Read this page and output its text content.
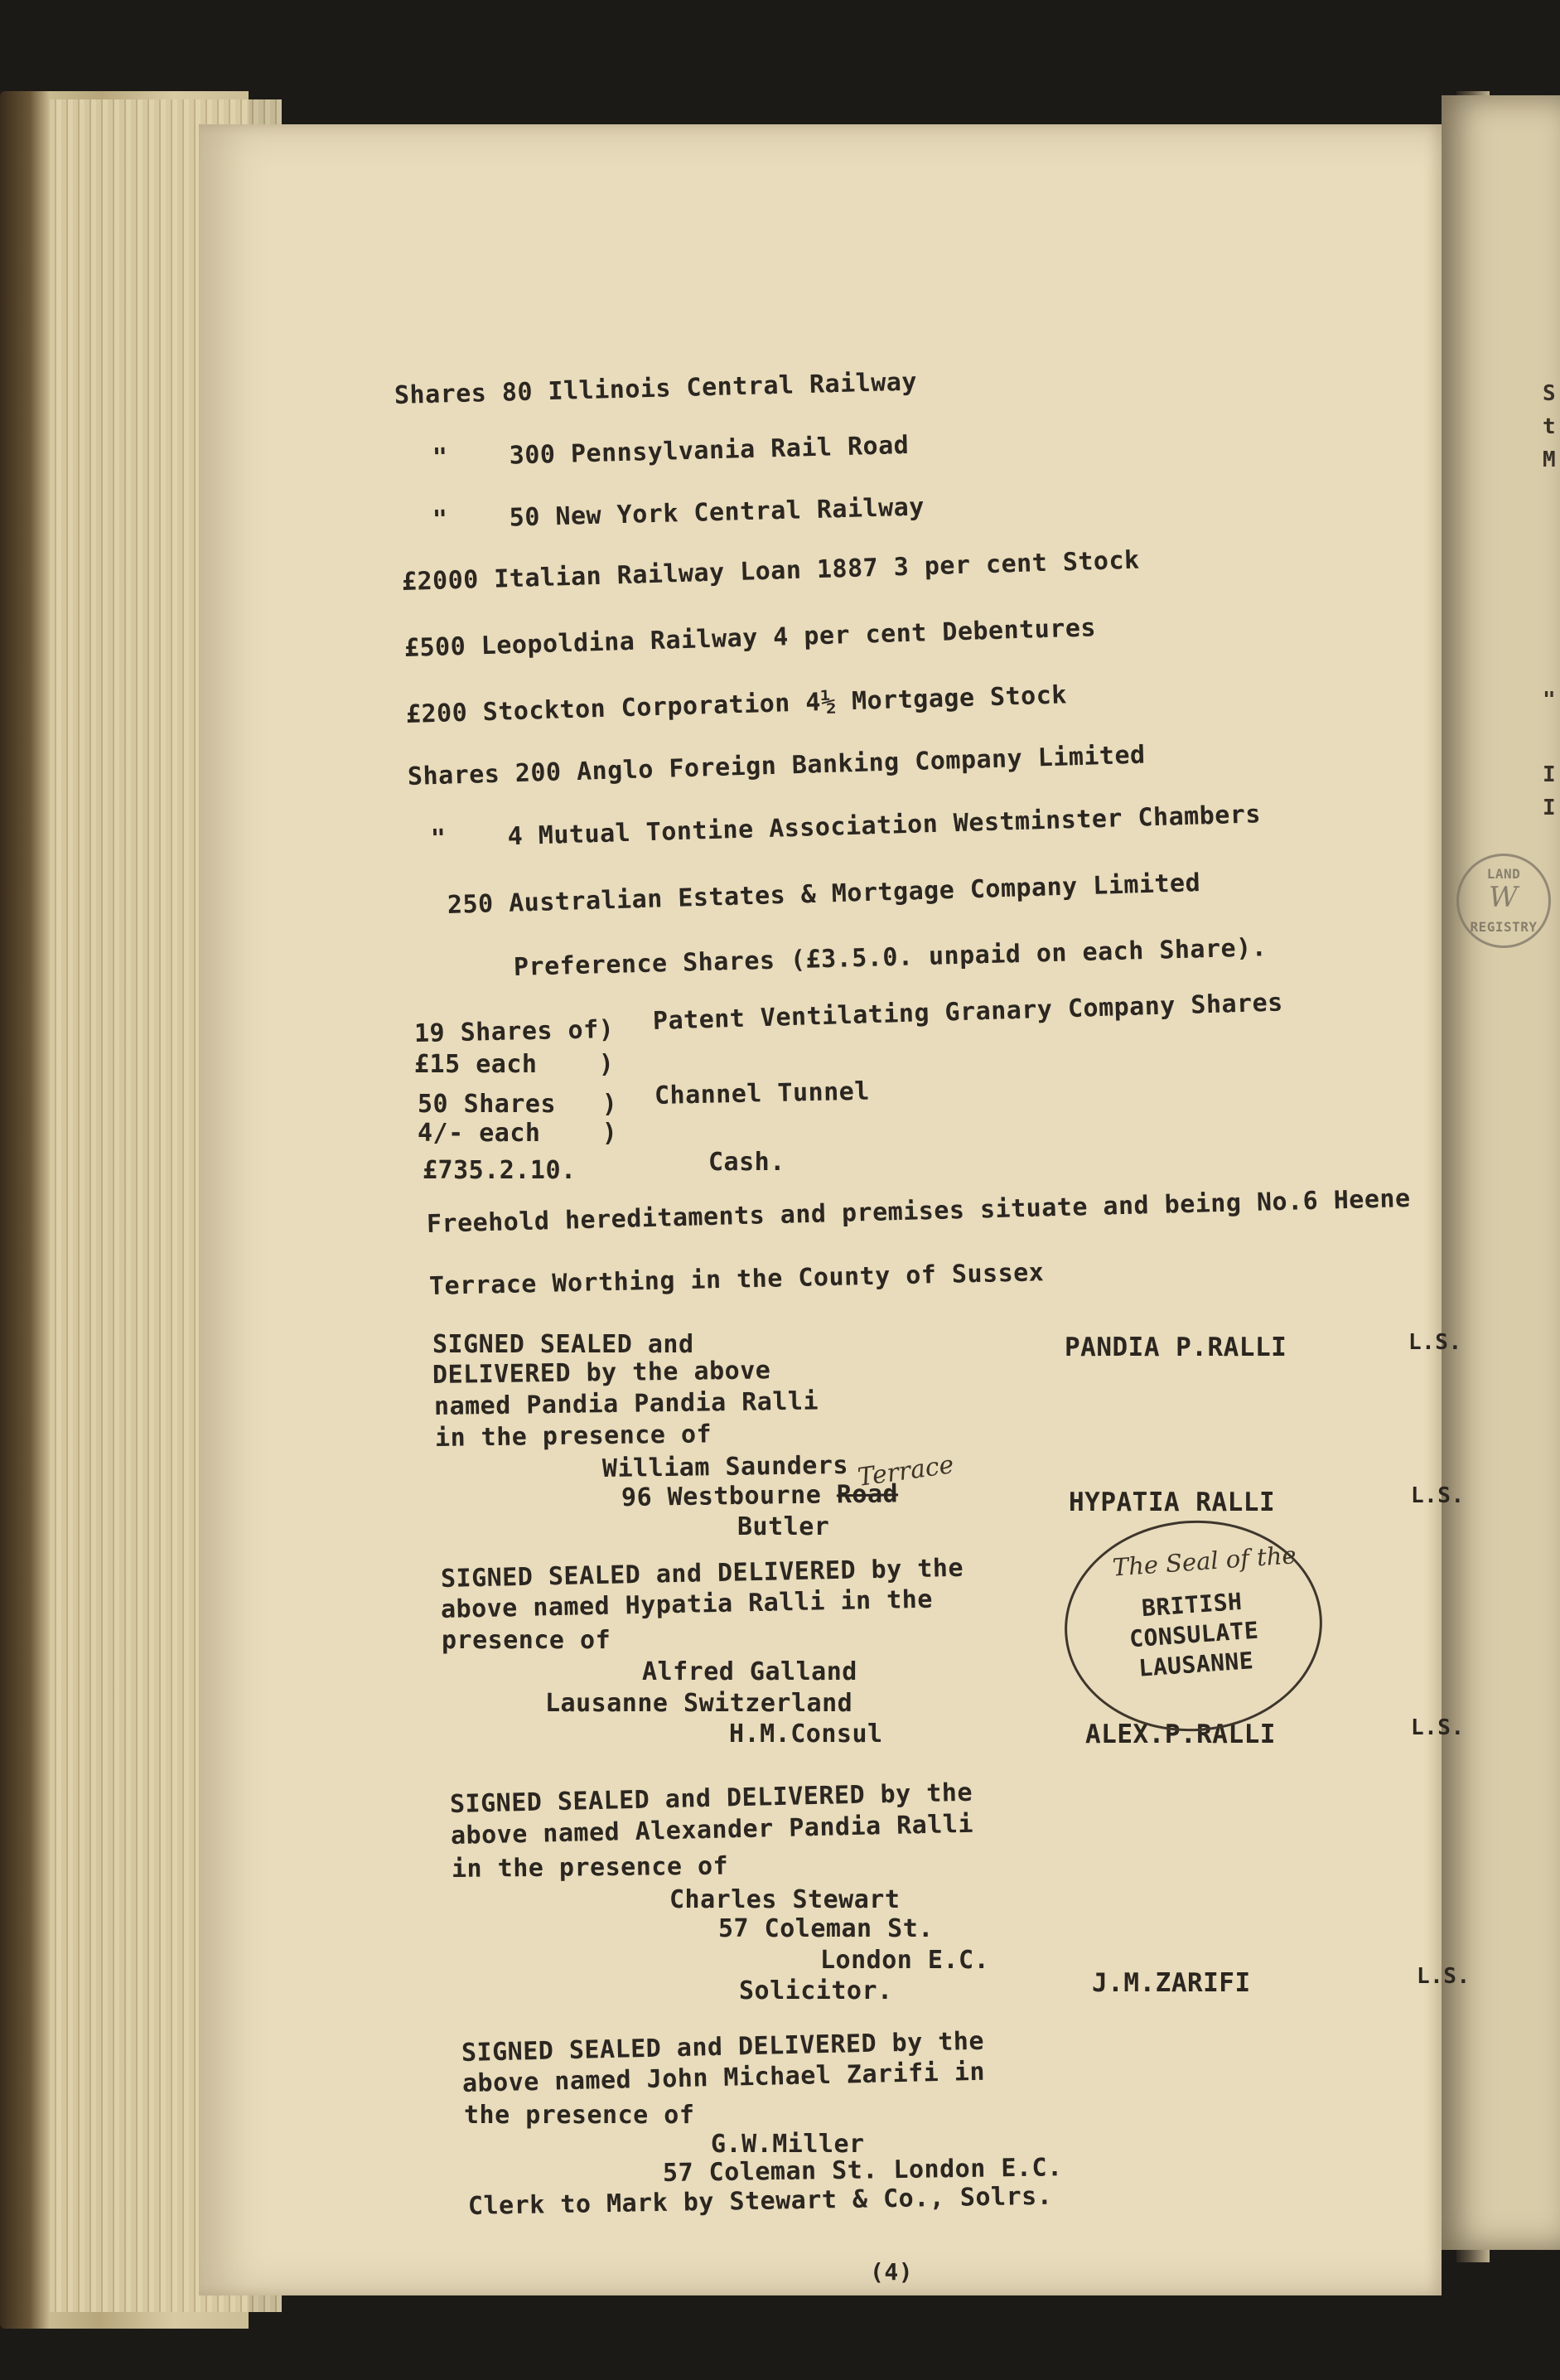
S

t

M

"

I

I

LAND

W

REGISTRY

Shares 80 Illinois Central Railway

"    300 Pennsylvania Rail Road

"    50 New York Central Railway

£2000 Italian Railway Loan 1887 3 per cent Stock

£500 Leopoldina Railway 4 per cent Debentures

£200 Stockton Corporation 4½ Mortgage Stock

Shares 200 Anglo Foreign Banking Company Limited

"    4 Mutual Tontine Association Westminster Chambers

250 Australian Estates & Mortgage Company Limited

Preference Shares (£3.5.0. unpaid on each Share).

19 Shares of)

£15 each    )

Patent Ventilating Granary Company Shares

50 Shares   )

4/- each    )

Channel Tunnel

£735.2.10.	Cash.

Freehold hereditaments and premises situate and being No.6 Heene

Terrace Worthing in the County of Sussex

SIGNED SEALED and

DELIVERED by the above

named Pandia Pandia Ralli

in the presence of

William Saunders

96 Westbourne Road

Terrace

Butler

PANDIA P.RALLI	L.S.

SIGNED SEALED and DELIVERED by the

above named Hypatia Ralli in the

presence of

Alfred Galland

Lausanne Switzerland

H.M.Consul

HYPATIA RALLI	L.S.

SIGNED SEALED and DELIVERED by the

above named Alexander Pandia Ralli

in the presence of

Charles Stewart

57 Coleman St.

London E.C.

Solicitor.

ALEX.P.RALLI	L.S.

SIGNED SEALED and DELIVERED by the

above named John Michael Zarifi in

the presence of

G.W.Miller

57 Coleman St. London E.C.

Clerk to Mark by Stewart & Co., Solrs.

J.M.ZARIFI	L.S.

(4)

The Seal of the

BRITISH

CONSULATE

LAUSANNE
